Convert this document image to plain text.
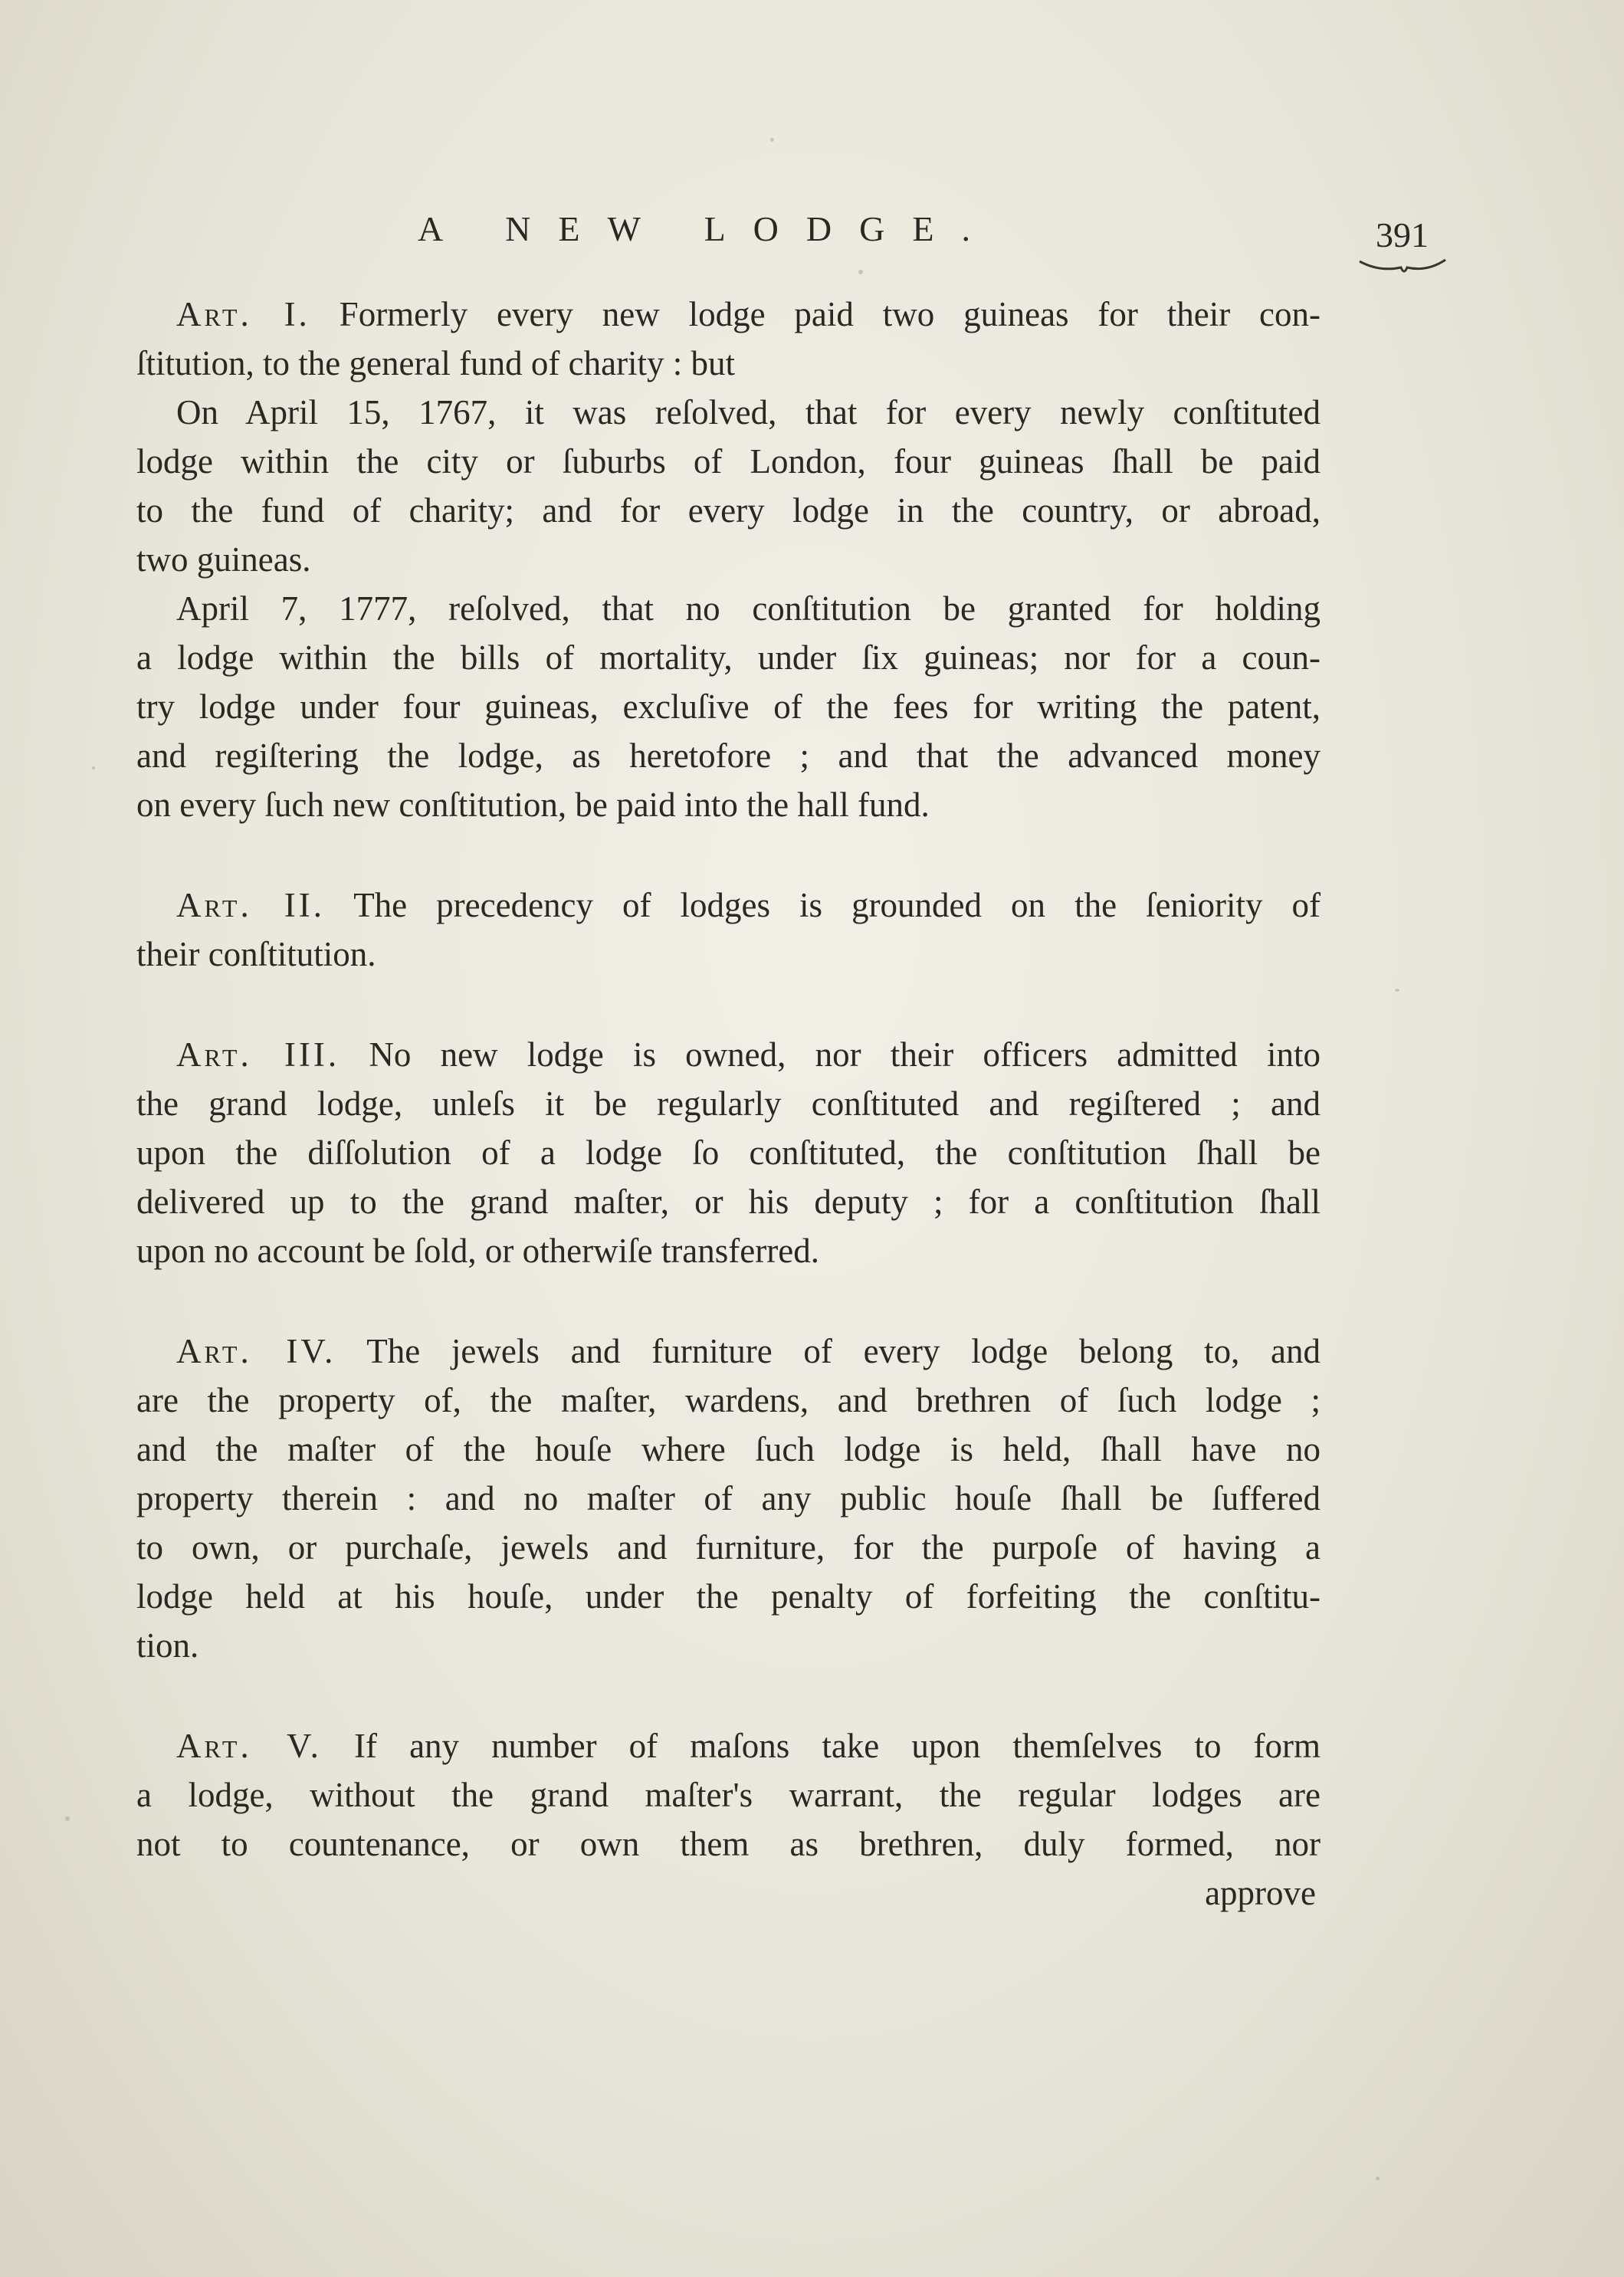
A NEW LODGE.	391
Art. I. Formerly every new lodge paid two guineas for their con-
ſtitution, to the general fund of charity : but
On April 15, 1767, it was reſolved, that for every newly conſtituted
lodge within the city or ſuburbs of London, four guineas ſhall be paid
to the fund of charity; and for every lodge in the country, or abroad,
two guineas.
April 7, 1777, reſolved, that no conſtitution be granted for holding
a lodge within the bills of mortality, under ſix guineas; nor for a coun-
try lodge under four guineas, excluſive of the fees for writing the patent,
and regiſtering the lodge, as heretofore ; and that the advanced money
on every ſuch new conſtitution, be paid into the hall fund.
Art. II. The precedency of lodges is grounded on the ſeniority of
their conſtitution.
Art. III. No new lodge is owned, nor their officers admitted into
the grand lodge, unleſs it be regularly conſtituted and regiſtered ; and
upon the diſſolution of a lodge ſo conſtituted, the conſtitution ſhall be
delivered up to the grand maſter, or his deputy ; for a conſtitution ſhall
upon no account be ſold, or otherwiſe transferred.
Art. IV. The jewels and furniture of every lodge belong to, and
are the property of, the maſter, wardens, and brethren of ſuch lodge ;
and the maſter of the houſe where ſuch lodge is held, ſhall have no
property therein : and no maſter of any public houſe ſhall be ſuffered
to own, or purchaſe, jewels and furniture, for the purpoſe of having a
lodge held at his houſe, under the penalty of forfeiting the conſtitu-
tion.
Art. V. If any number of maſons take upon themſelves to form
a lodge, without the grand maſter's warrant, the regular lodges are
not to countenance, or own them as brethren, duly formed, nor
approve
